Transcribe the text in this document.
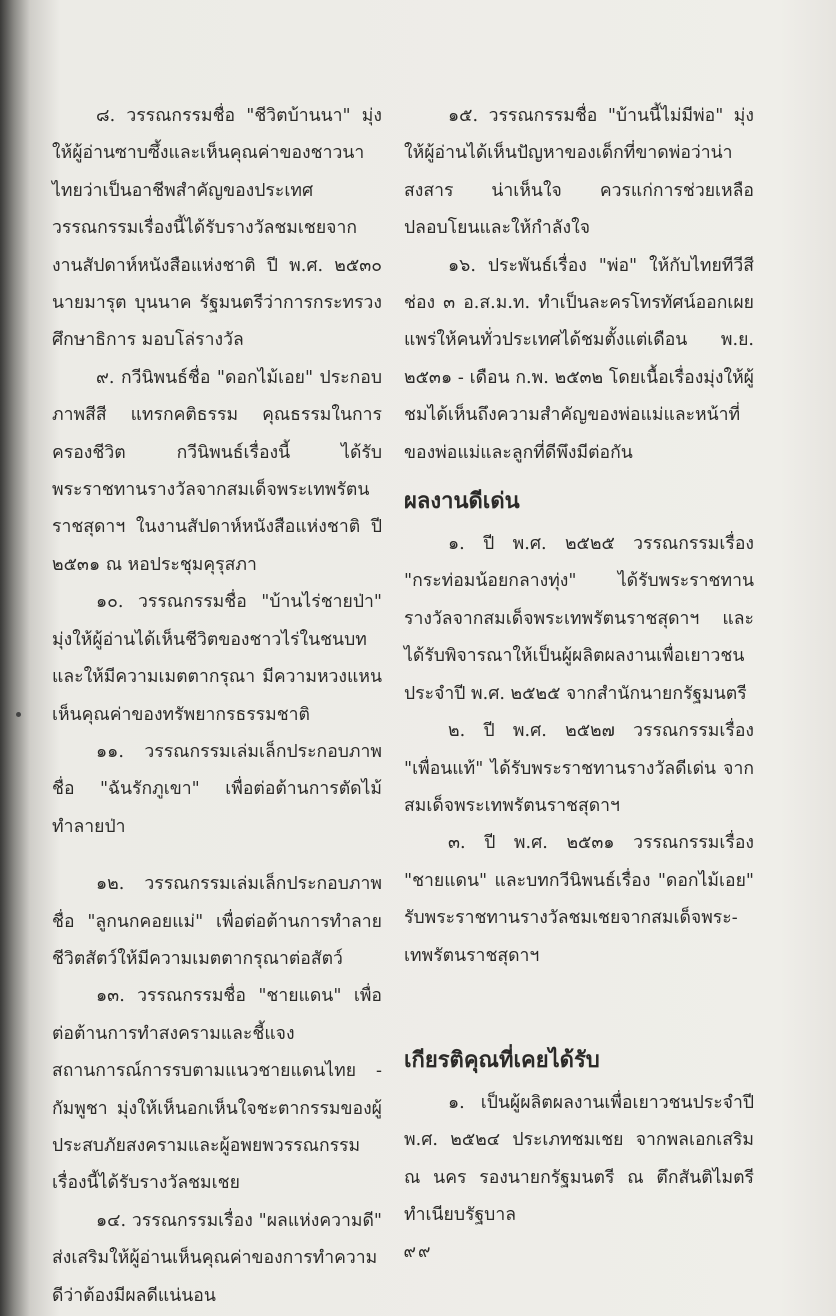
๘. วรรณกรรมชื่อ "ชีวิตบ้านนา" มุ่งให้ผู้อ่านซาบซึ้งและเห็นคุณค่าของชาวนาไทยว่าเป็นอาชีพสำคัญของประเทศ วรรณกรรมเรื่องนี้ได้รับรางวัลชมเชยจากงานสัปดาห์หนังสือแห่งชาติ ปี พ.ศ. ๒๕๓๐ นายมารุต บุนนาค รัฐมนตรีว่าการกระทรวงศึกษาธิการ มอบโล่รางวัล

๙. กวีนิพนธ์ชื่อ "ดอกไม้เอย" ประกอบภาพสีสี แทรกคติธรรม คุณธรรมในการครองชีวิต กวีนิพนธ์เรื่องนี้ ได้รับพระราชทานรางวัลจากสมเด็จพระเทพรัตนราชสุดาฯ ในงานสัปดาห์หนังสือแห่งชาติ ปี ๒๕๓๑ ณ หอประชุมคุรุสภา

๑๐. วรรณกรรมชื่อ "บ้านไร่ชายป่า" มุ่งให้ผู้อ่านได้เห็นชีวิตของชาวไร่ในชนบท และให้มีความเมตตากรุณา มีความหวงแหน เห็นคุณค่าของทรัพยากรธรรมชาติ

๑๑. วรรณกรรมเล่มเล็กประกอบภาพ ชื่อ "ฉันรักภูเขา" เพื่อต่อต้านการตัดไม้ทำลายป่า

๑๒. วรรณกรรมเล่มเล็กประกอบภาพ ชื่อ "ลูกนกคอยแม่" เพื่อต่อต้านการทำลายชีวิตสัตว์ให้มีความเมตตากรุณาต่อสัตว์

๑๓. วรรณกรรมชื่อ "ชายแดน" เพื่อต่อต้านการทำสงครามและชี้แจงสถานการณ์การรบตามแนวชายแดนไทย - กัมพูชา มุ่งให้เห็นอกเห็นใจชะตากรรมของผู้ประสบภัยสงครามและผู้อพยพวรรณกรรมเรื่องนี้ได้รับรางวัลชมเชย

๑๔. วรรณกรรมเรื่อง "ผลแห่งความดี" ส่งเสริมให้ผู้อ่านเห็นคุณค่าของการทำความดีว่าต้องมีผลดีแน่นอน

๑๕. วรรณกรรมชื่อ "บ้านนี้ไม่มีพ่อ" มุ่งให้ผู้อ่านได้เห็นปัญหาของเด็กที่ขาดพ่อว่าน่าสงสาร น่าเห็นใจ ควรแก่การช่วยเหลือปลอบโยนและให้กำลังใจ

๑๖. ประพันธ์เรื่อง "พ่อ" ให้กับไทยทีวีสีช่อง ๓ อ.ส.ม.ท. ทำเป็นละครโทรทัศน์ออกเผยแพร่ให้คนทั่วประเทศได้ชมตั้งแต่เดือน พ.ย. ๒๕๓๑ - เดือน ก.พ. ๒๕๓๒ โดยเนื้อเรื่องมุ่งให้ผู้ชมได้เห็นถึงความสำคัญของพ่อแม่และหน้าที่ของพ่อแม่และลูกที่ดีพึงมีต่อกัน

ผลงานดีเด่น

๑. ปี พ.ศ. ๒๕๒๕ วรรณกรรมเรื่อง "กระท่อมน้อยกลางทุ่ง" ได้รับพระราชทานรางวัลจากสมเด็จพระเทพรัตนราชสุดาฯ และได้รับพิจารณาให้เป็นผู้ผลิตผลงานเพื่อเยาวชนประจำปี พ.ศ. ๒๕๒๕ จากสำนักนายกรัฐมนตรี

๒. ปี พ.ศ. ๒๕๒๗ วรรณกรรมเรื่อง "เพื่อนแท้" ได้รับพระราชทานรางวัลดีเด่น จาก สมเด็จพระเทพรัตนราชสุดาฯ

๓. ปี พ.ศ. ๒๕๓๑ วรรณกรรมเรื่อง "ชายแดน" และบทกวีนิพนธ์เรื่อง "ดอกไม้เอย" รับพระราชทานรางวัลชมเชยจากสมเด็จพระ-เทพรัตนราชสุดาฯ

เกียรติคุณที่เคยได้รับ

๑. เป็นผู้ผลิตผลงานเพื่อเยาวชนประจำปี พ.ศ. ๒๕๒๔ ประเภทชมเชย จากพลเอกเสริม ณ นคร รองนายกรัฐมนตรี ณ ตึกสันติไมตรี ทำเนียบรัฐบาล

๙๙
